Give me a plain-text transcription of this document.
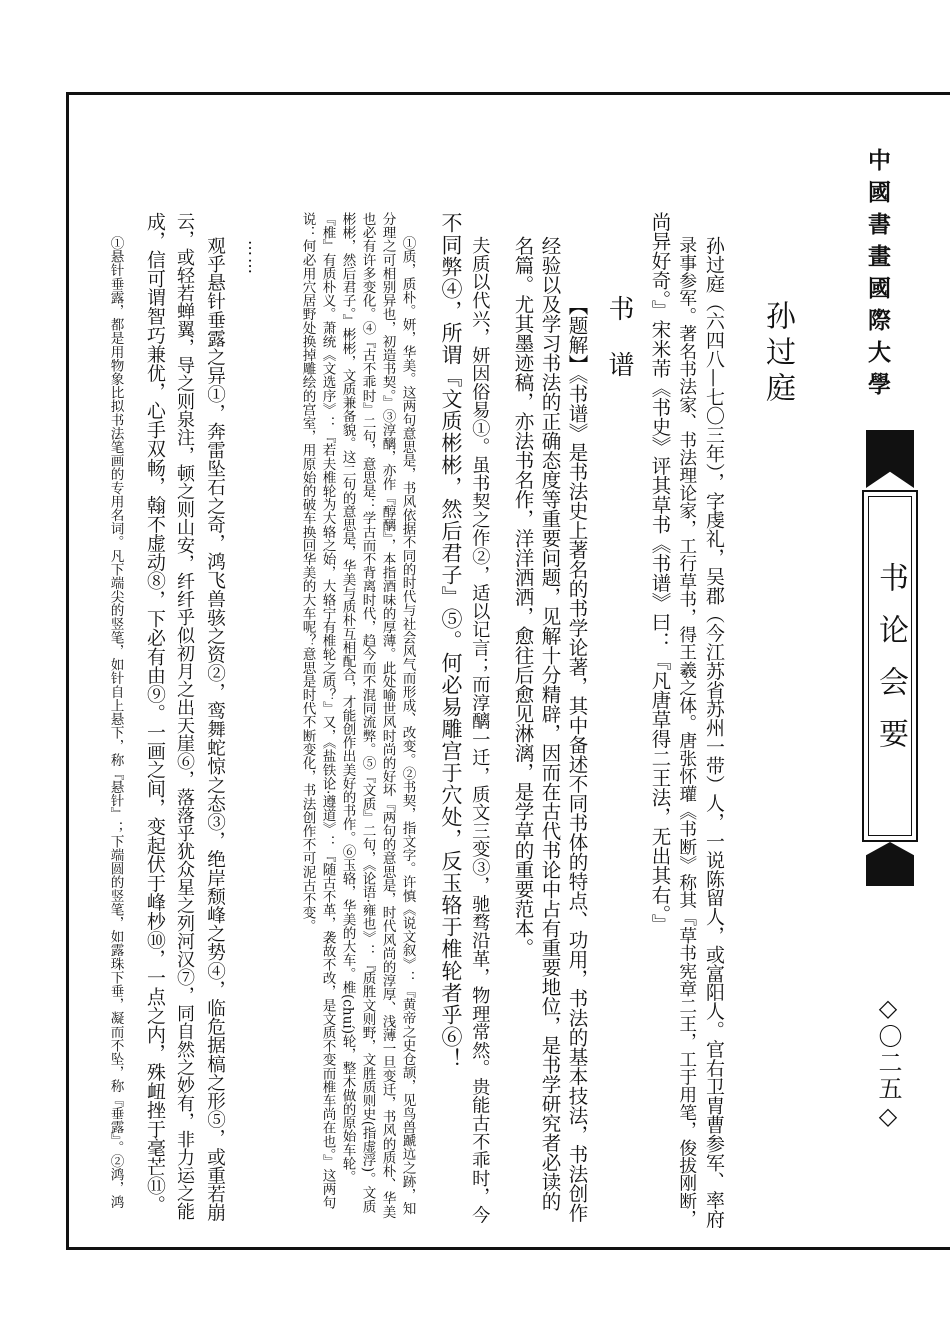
中國書畫國際大學
书论会要
◇〇二五◇
孙过庭
孙过庭（六四八—七〇三年），字虔礼，吴郡（今江苏省苏州一带）人，一说陈留人，或富阳人。官右卫胄曹参军、率府
录事参军。著名书法家、书法理论家，工行草书，得王羲之体。唐张怀瓘《书断》称其『草书宪章二王，工于用笔，俊拔刚断，
尚异好奇。』宋米芾《书史》评其草书《书谱》曰：『凡唐草得二王法，无出其右。』
书谱
【题解】《书谱》是书法史上著名的书学论著，其中备述不同书体的特点、功用，书法的基本技法，书法创作
经验以及学习书法的正确态度等重要问题，见解十分精辟，因而在古代书论中占有重要地位，是书学研究者必读的
名篇。尤其墨迹稿，亦法书名作，洋洋洒洒，愈往后愈见淋漓，是学草的重要范本。
夫质以代兴，妍因俗易①。虽书契之作②，适以记言；而淳醨一迁，质文三变③，驰骛沿革，物理常然。贵能古不乖时，今
不同弊④，所谓『文质彬彬，然后君子』⑤。何必易雕宫于穴处，反玉辂于椎轮者乎⑥！
①质，质朴。妍，华美。这两句意思是，书风依据不同的时代与社会风气而形成、改变。②书契，指文字。许慎《说文叙》：『黄帝之史仓颉，见鸟兽蹏迒之跡，知
分理之可相别异也，初造书契。』③淳醨，亦作『醇醨』，本指酒味的厚薄。此处喻世风时尚的好坏『两句的意思是，时代风尚的淳厚、浅薄一旦变迁，书风的质朴、华美
也必有许多变化。④『古不乖时』二句，意思是：学古而不背离时代，趋今而不混同流弊。⑤『文质』二句，《论语·雍也》：『质胜文则野，文胜质则史(指虚浮)。文质
彬彬，然后君子。』彬彬，文质兼备貌。这二句的意思是，华美与质朴互相配合，才能创作出美好的书作。⑥玉辂，华美的大车。椎(chuí)轮，整木做的原始车轮。
『椎』有质朴义。萧统《文选序》：『若夫椎轮为大辂之始，大辂宁有椎轮之质？』又，《盐铁论·遵道》：『随古不革，袭故不改，是文质不变而椎车尚在也。』这两句
说：何必用穴居野处换掉雕绘的宫室，用原始的破车换回华美的大车呢？意思是时代不断变化，书法创作不可泥古不变。
……
观乎悬针垂露之异①，奔雷坠石之奇，鸿飞兽骇之资②，鸾舞蛇惊之态③，绝岸颓峰之势④，临危据槁之形⑤，或重若崩
云，或轻若蝉翼，导之则泉注，顿之则山安，纤纤乎似初月之出天崖⑥，落落乎犹众星之列河汉⑦，同自然之妙有，非力运之能
成，信可谓智巧兼优，心手双畅，翰不虚动⑧，下必有由⑨。一画之间，变起伏于峰杪⑩，一点之内，殊衄挫于毫芒⑪。
①悬针垂露，都是用物象比拟书法笔画的专用名词。凡下端尖的竖笔，如针自上悬下，称『悬针』；下端圆的竖笔，如露珠下垂，凝而不坠，称『垂露』。②鸿，鸿
